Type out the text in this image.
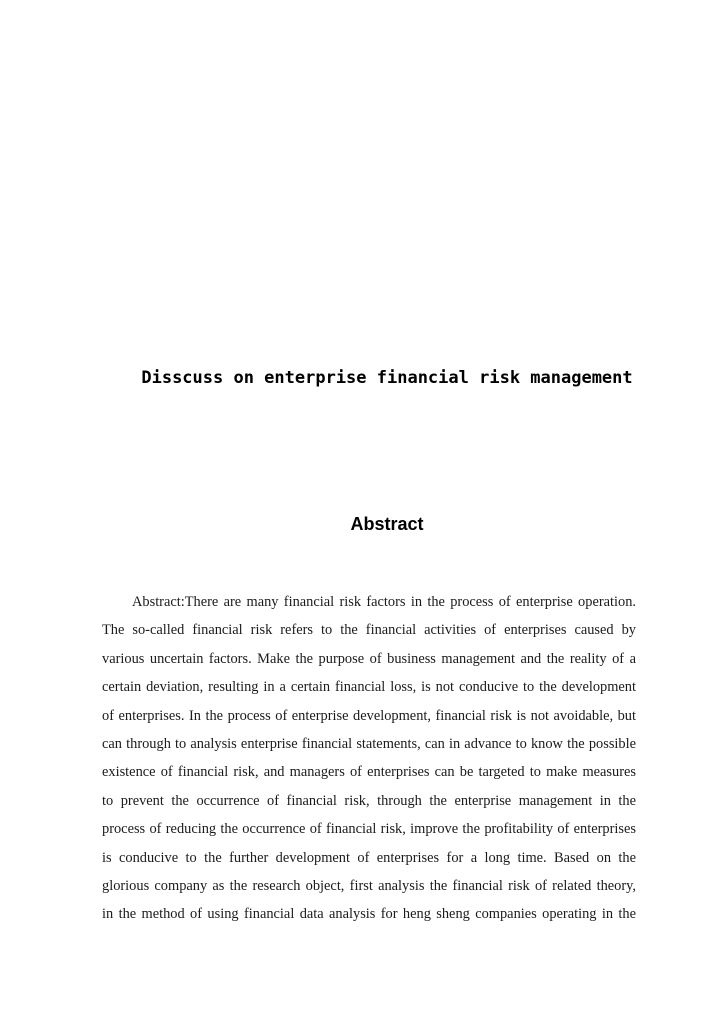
Disscuss on enterprise financial risk management
Abstract
Abstract:There are many financial risk factors in the process of enterprise operation.
The so-called financial risk refers to the financial activities of enterprises caused by
various uncertain factors. Make the purpose of business management and the reality of a
certain deviation, resulting in a certain financial loss, is not conducive to the development
of enterprises. In the process of enterprise development, financial risk is not avoidable, but
can through to analysis enterprise financial statements, can in advance to know the possible
existence of financial risk, and managers of enterprises can be targeted to make measures
to prevent the occurrence of financial risk, through the enterprise management in the
process of reducing the occurrence of financial risk, improve the profitability of enterprises
is conducive to the further development of enterprises for a long time. Based on the
glorious company as the research object, first analysis the financial risk of related theory,
in the method of using financial data analysis for heng sheng companies operating in the
